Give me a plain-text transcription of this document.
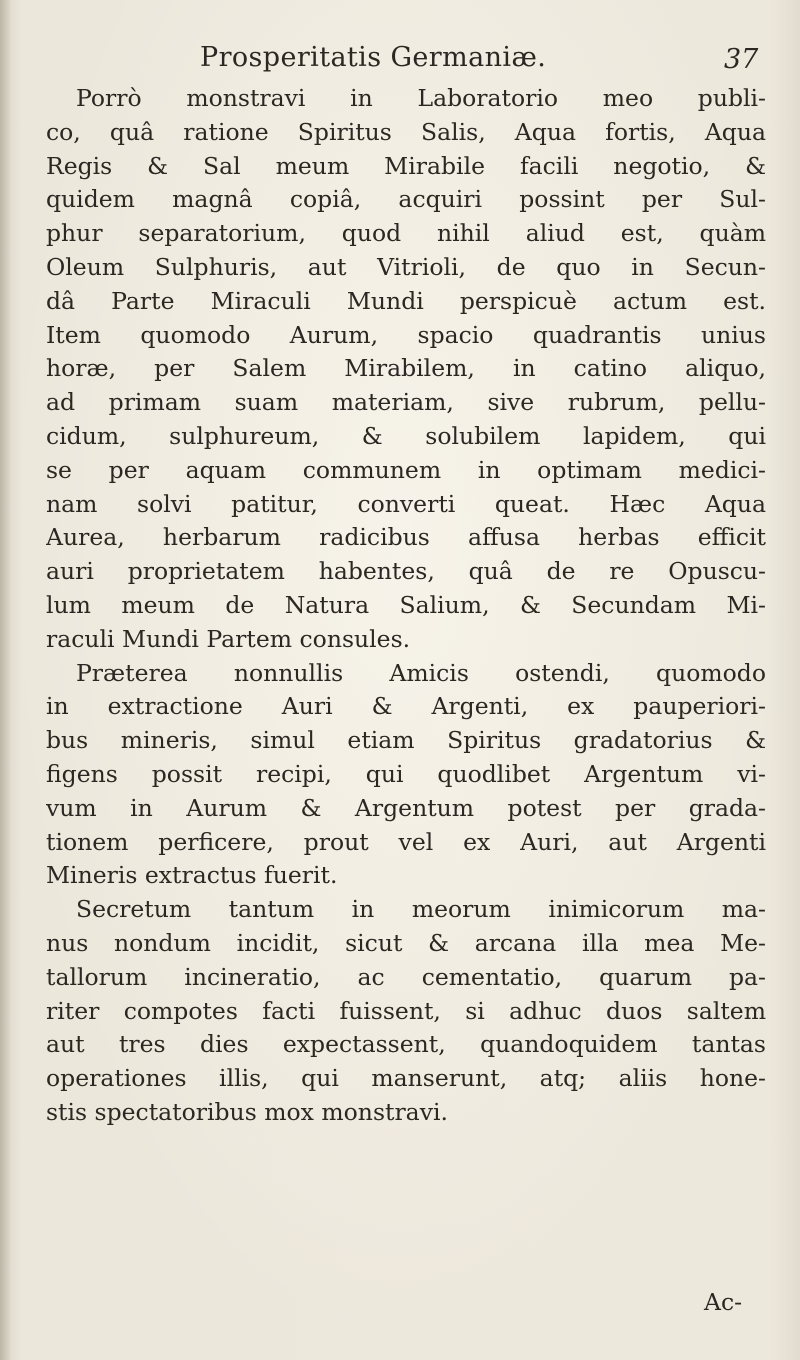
Prosperitatis Germaniæ.	37
Porrò monstravi in Laboratorio meo publi-
co, quâ ratione Spiritus Salis, Aqua fortis, Aqua
Regis & Sal meum Mirabile facili negotio, &
quidem magnâ copiâ, acquiri possint per Sul-
phur separatorium, quod nihil aliud est, quàm
Oleum Sulphuris, aut Vitrioli, de quo in Secun-
dâ Parte Miraculi Mundi perspicuè actum est.
Item quomodo Aurum, spacio quadrantis unius
horæ, per Salem Mirabilem, in catino aliquo,
ad primam suam materiam, sive rubrum, pellu-
cidum, sulphureum, & solubilem lapidem, qui
se per aquam communem in optimam medici-
nam solvi patitur, converti queat. Hæc Aqua
Aurea, herbarum radicibus affusa herbas efficit
auri proprietatem habentes, quâ de re Opuscu-
lum meum de Natura Salium, & Secundam Mi-
raculi Mundi Partem consules.
Præterea nonnullis Amicis ostendi, quomodo
in extractione Auri & Argenti, ex pauperiori-
bus mineris, simul etiam Spiritus gradatorius &
figens possit recipi, qui quodlibet Argentum vi-
vum in Aurum & Argentum potest per grada-
tionem perficere, prout vel ex Auri, aut Argenti
Mineris extractus fuerit.
Secretum tantum in meorum inimicorum ma-
nus nondum incidit, sicut & arcana illa mea Me-
tallorum incineratio, ac cementatio, quarum pa-
riter compotes facti fuissent, si adhuc duos saltem
aut tres dies expectassent, quandoquidem tantas
operationes illis, qui manserunt, atq; aliis hone-
stis spectatoribus mox monstravi.
Ac-
